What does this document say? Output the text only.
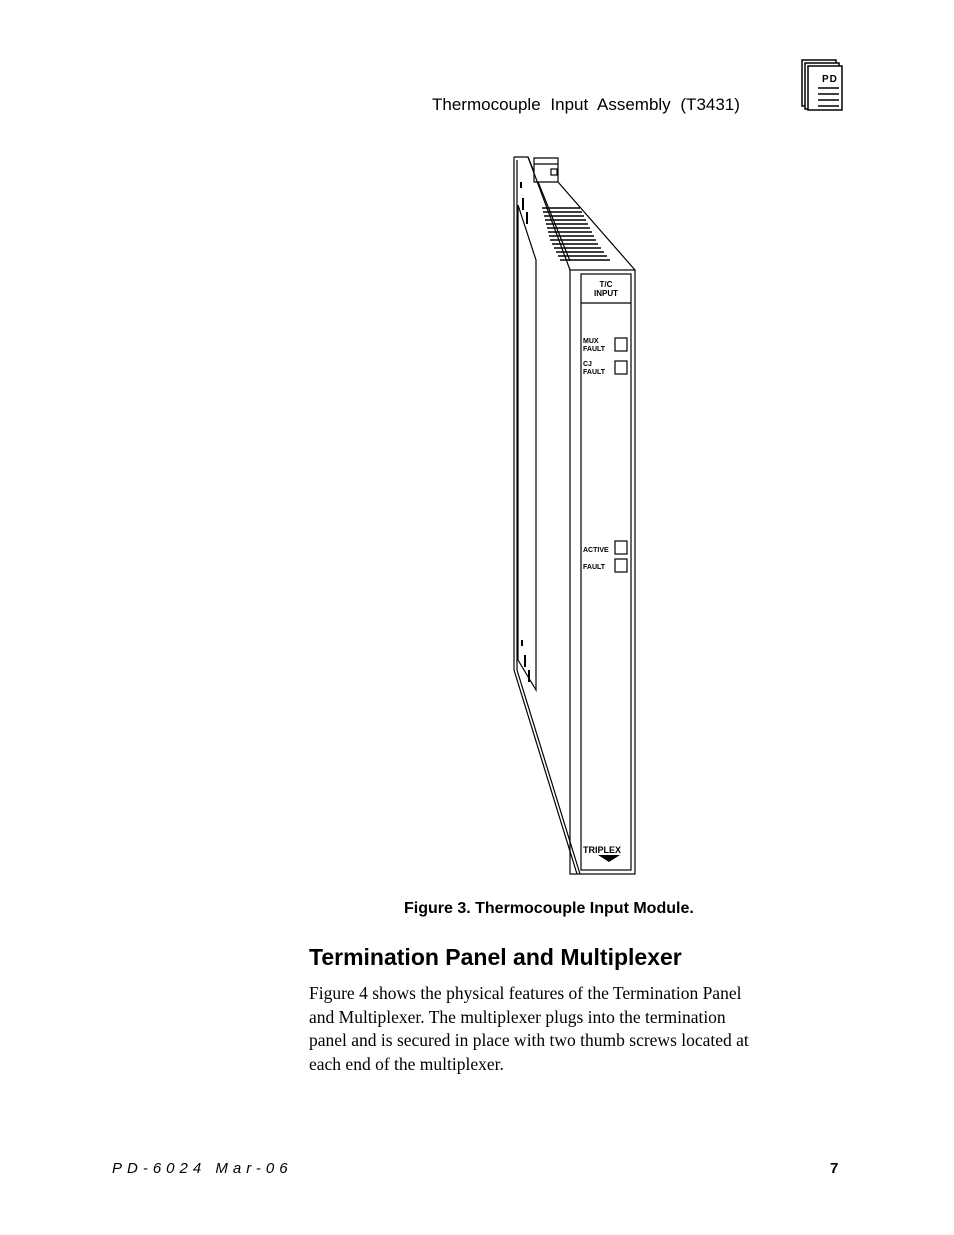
Thermocouple Input Assembly (T3431)
PD
T/C
INPUT
MUX
FAULT
CJ
FAULT
ACTIVE
FAULT
TRIPLEX
Figure 3. Thermocouple Input Module.
Termination Panel and Multiplexer
Figure 4 shows the physical features of the Termination Panel
and Multiplexer. The multiplexer plugs into the termination
panel and is secured in place with two thumb screws located at
each end of the multiplexer.
PD-6024 Mar-06	7
